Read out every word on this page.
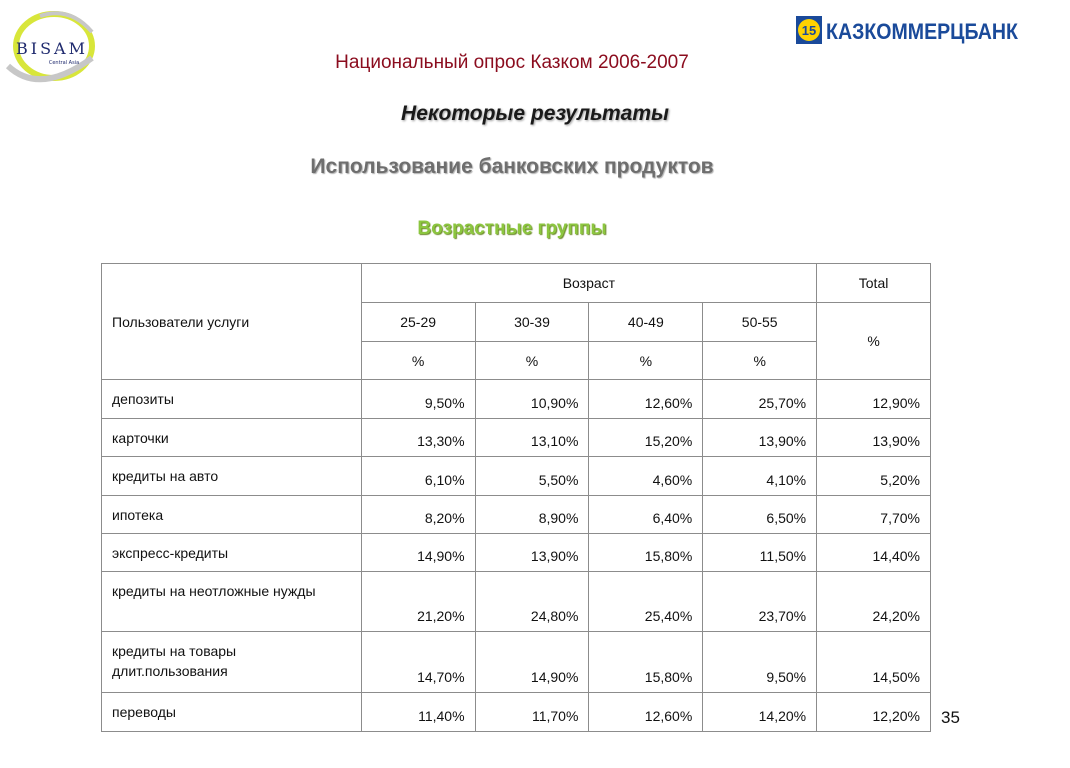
BISAM
Central Asia
15 КАЗКОММЕРЦБАНК
Национальный опрос Казком 2006-2007
Некоторые результаты
Использование банковских продуктов
Возрастные группы
Пользователи услуги	Возраст				Total
	25-29	30-39	40-49	50-55	%
	%	%	%	%	
депозиты	9,50%	10,90%	12,60%	25,70%	12,90%
карточки	13,30%	13,10%	15,20%	13,90%	13,90%
кредиты на авто	6,10%	5,50%	4,60%	4,10%	5,20%
ипотека	8,20%	8,90%	6,40%	6,50%	7,70%
экспресс-кредиты	14,90%	13,90%	15,80%	11,50%	14,40%
кредиты на неотложные нужды	21,20%	24,80%	25,40%	23,70%	24,20%
кредиты на товары длит.пользования	14,70%	14,90%	15,80%	9,50%	14,50%
переводы	11,40%	11,70%	12,60%	14,20%	12,20% 35
